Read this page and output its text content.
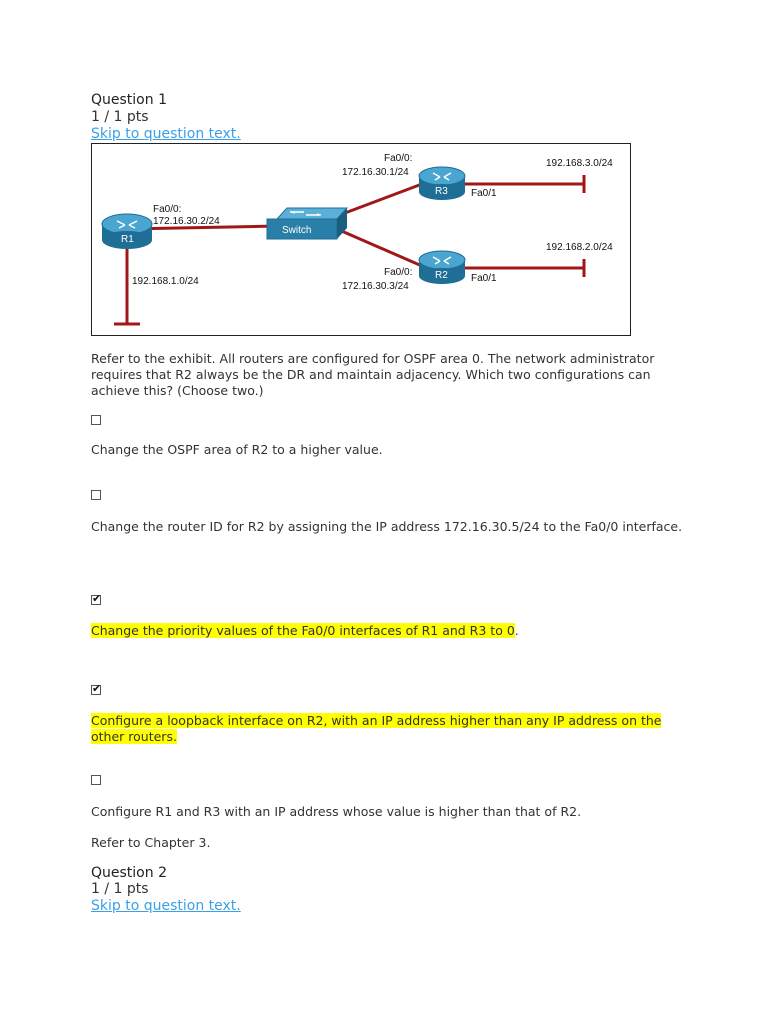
Question 1
1 / 1 pts
Skip to question text.
R1
Switch
R3
R2
Fa0/0:
172.16.30.2/24
192.168.1.0/24
Fa0/0:
172.16.30.1/24
Fa0/1
192.168.3.0/24
Fa0/0:
172.16.30.3/24
Fa0/1
192.168.2.0/24
Refer to the exhibit. All routers are configured for OSPF area 0. The network administrator requires that R2 always be the DR and maintain adjacency. Which two configurations can achieve this? (Choose two.)
Change the OSPF area of R2 to a higher value.
Change the router ID for R2 by assigning the IP address 172.16.30.5/24 to the Fa0/0 interface.
✔
Change the priority values of the Fa0/0 interfaces of R1 and R3 to 0.
✔
Configure a loopback interface on R2, with an IP address higher than any IP address on the other routers.
Configure R1 and R3 with an IP address whose value is higher than that of R2.
Refer to Chapter 3.
Question 2
1 / 1 pts
Skip to question text.
